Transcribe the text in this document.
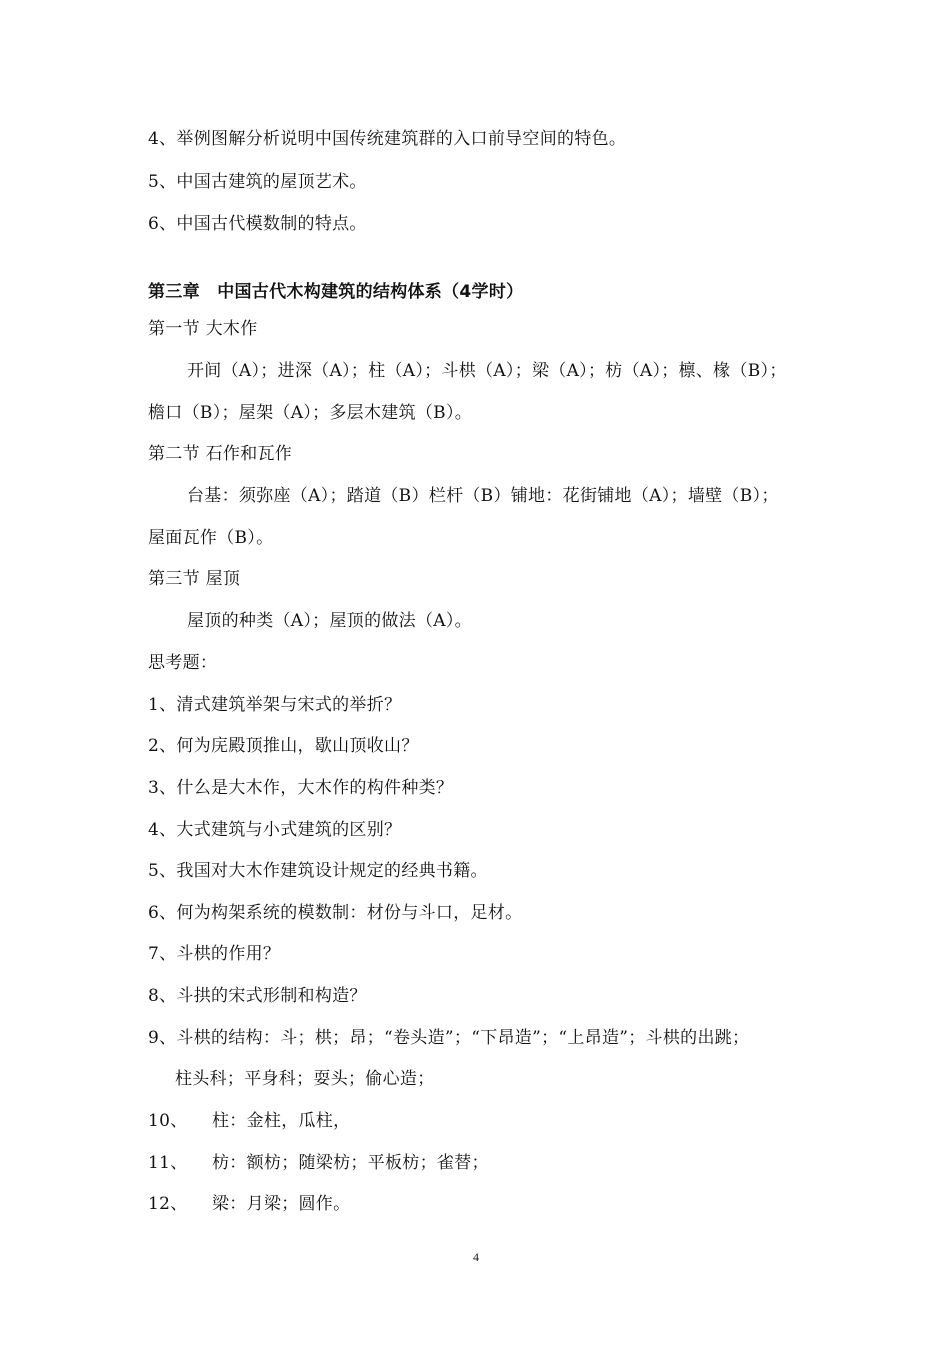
4、举例图解分析说明中国传统建筑群的入口前导空间的特色。
5、中国古建筑的屋顶艺术。
6、中国古代模数制的特点。
第三章　中国古代木构建筑的结构体系（4学时）
第一节 大木作
开间（A）；进深（A）；柱（A）；斗栱（A）；梁（A）；枋（A）；檩、椽（B）；
檐口（B）；屋架（A）；多层木建筑（B）。
第二节 石作和瓦作
台基：须弥座（A）；踏道（B）栏杆（B）铺地：花街铺地（A）；墙壁（B）；
屋面瓦作（B）。
第三节 屋顶
屋顶的种类（A）；屋顶的做法（A）。
思考题：
1、清式建筑举架与宋式的举折？
2、何为庑殿顶推山，歇山顶收山？
3、什么是大木作，大木作的构件种类？
4、大式建筑与小式建筑的区别？
5、我国对大木作建筑设计规定的经典书籍。
6、何为构架系统的模数制：材份与斗口，足材。
7、斗栱的作用？
8、斗拱的宋式形制和构造？
9、斗栱的结构：斗；栱；昂；“卷头造”；“下昂造”；“上昂造”；斗栱的出跳；
柱头科；平身科；耍头；偷心造；
10、 柱：金柱，瓜柱，
11、 枋：额枋；随梁枋；平板枋；雀替；
12、 梁：月梁；圆作。
4
